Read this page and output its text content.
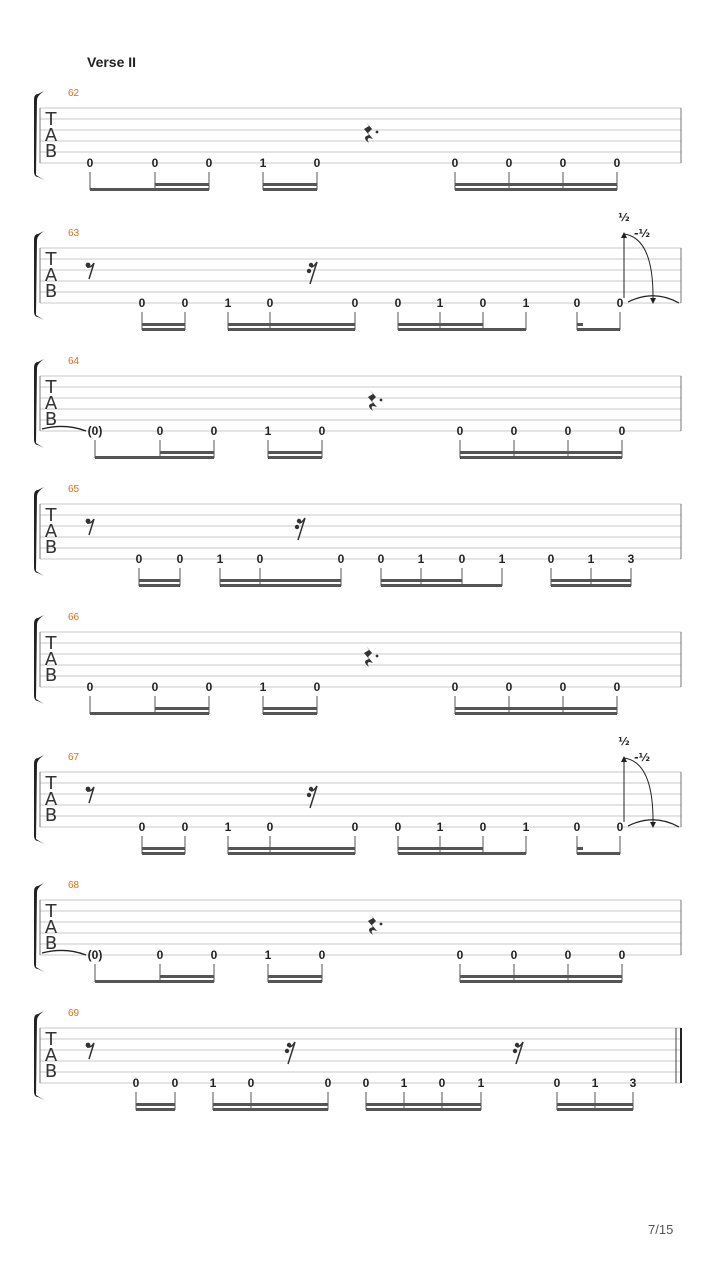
Verse II
62
T
A
B
0	0	0	1	0	0	0	0	0
63
T
A
B
0	0	1	0	0	0	1	0	1	0	0
½
-½
64
T
A
B
(0)	0	0	1	0	0	0	0	0
65
T
A
B
0	0	1	0	0	0	1	0	1	0	1	3
66
T
A
B
0	0	0	1	0	0	0	0	0
67
T
A
B
0	0	1	0	0	0	1	0	1	0	0
½
-½
68
T
A
B
(0)	0	0	1	0	0	0	0	0
69
T
A
B
0	0	1	0	0	0	1	0	1	0	1	3
7/15
